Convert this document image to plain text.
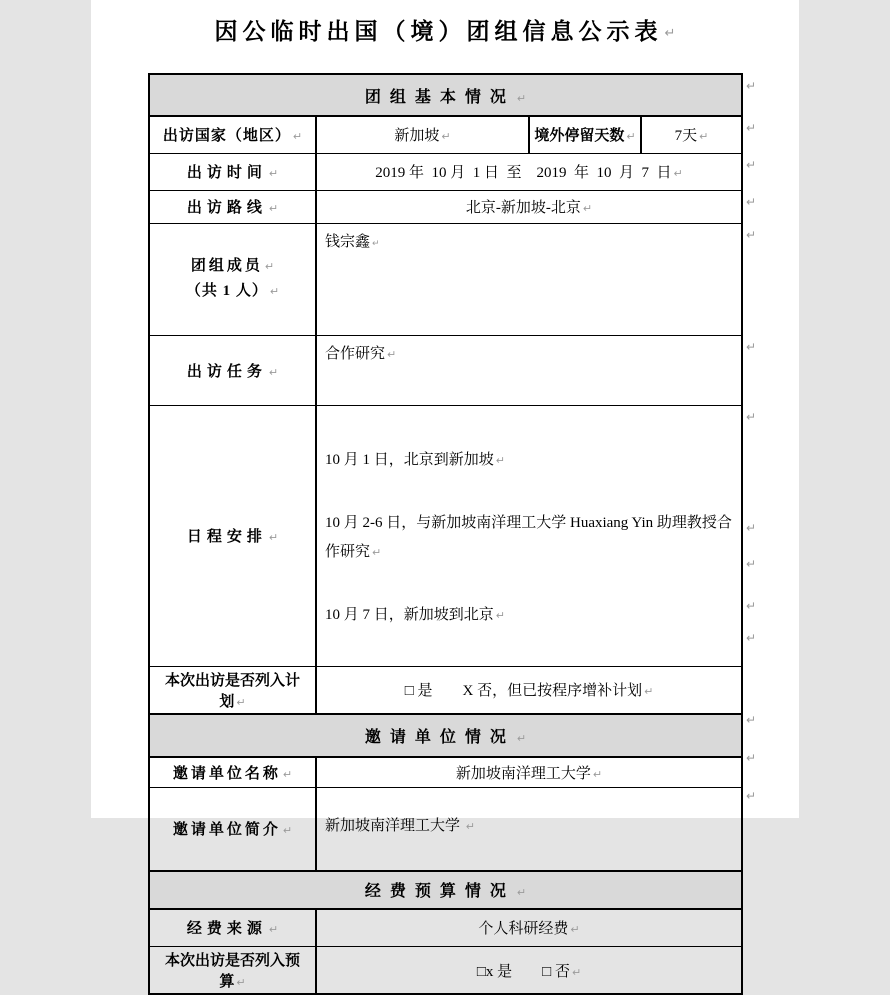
因公临时出国（境）团组信息公示表 ↵
团组基本情况 ↵			
出访国家（地区） ↵	新加坡 ↵	境外停留天数 ↵	7天 ↵
出访时间 ↵	2019 年  10 月  1 日  至    2019  年  10  月  7  日 ↵		
出访路线 ↵	北京-新加坡-北京 ↵		

团组成员 ↵
（共 1 人） ↵	钱宗鑫 ↵		
出访任务 ↵	合作研究 ↵		
日程安排 ↵	10 月 1 日，北京到新加坡 ↵

10 月 2-6 日，与新加坡南洋理工大学 Huaxiang Yin 助理教授合作研究 ↵

10 月 7 日，新加坡到北京 ↵		

本次出访是否列入计划 ↵	□ 是 X 否，但已按程序增补计划 ↵		
邀请单位情况 ↵			
邀请单位名称 ↵	新加坡南洋理工大学 ↵		
邀请单位简介 ↵	新加坡南洋理工大学 ↵		
经费预算情况 ↵			
经费来源 ↵	个人科研经费 ↵		
本次出访是否列入预算 ↵	□x 是 □ 否 ↵		
↵
↵
↵
↵
↵
↵
↵
↵
↵
↵
↵
↵
↵
↵
